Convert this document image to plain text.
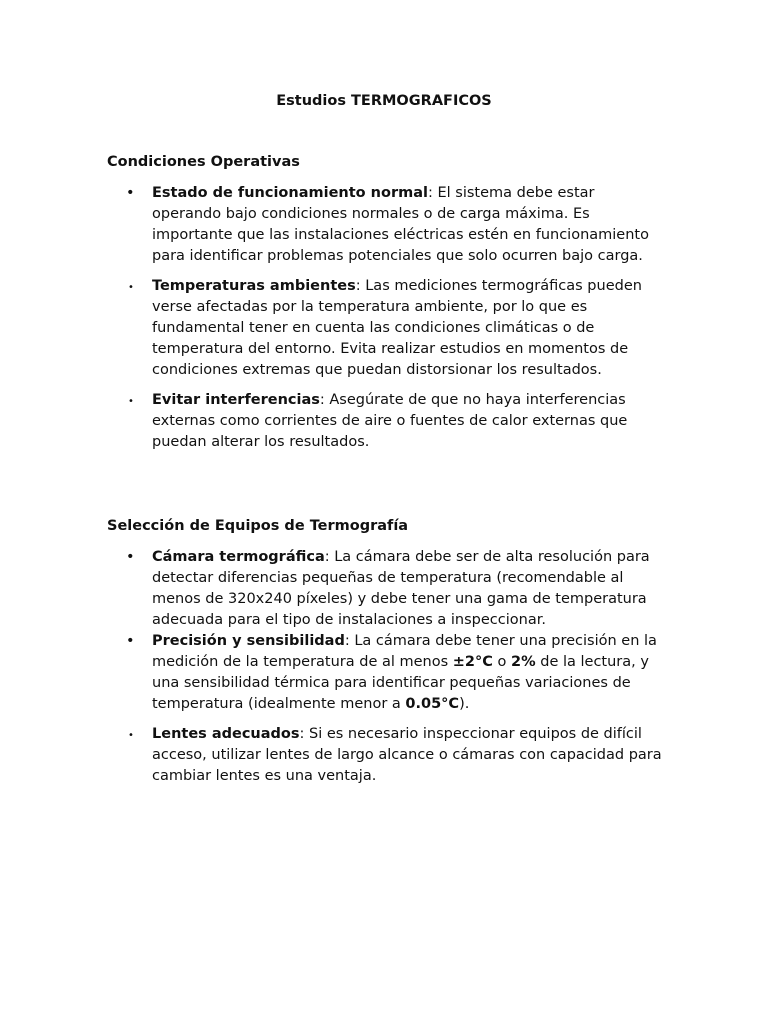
Estudios TERMOGRAFICOS
Condiciones Operativas
• Estado de funcionamiento normal: El sistema debe estar operando bajo condiciones normales o de carga máxima. Es importante que las instalaciones eléctricas estén en funcionamiento para identificar problemas potenciales que solo ocurren bajo carga.
• Temperaturas ambientes: Las mediciones termográficas pueden verse afectadas por la temperatura ambiente, por lo que es fundamental tener en cuenta las condiciones climáticas o de temperatura del entorno. Evita realizar estudios en momentos de condiciones extremas que puedan distorsionar los resultados.
• Evitar interferencias: Asegúrate de que no haya interferencias externas como corrientes de aire o fuentes de calor externas que puedan alterar los resultados.
Selección de Equipos de Termografía
• Cámara termográfica: La cámara debe ser de alta resolución para detectar diferencias pequeñas de temperatura (recomendable al menos de 320x240 píxeles) y debe tener una gama de temperatura adecuada para el tipo de instalaciones a inspeccionar.
• Precisión y sensibilidad: La cámara debe tener una precisión en la medición de la temperatura de al menos ±2°C o 2% de la lectura, y una sensibilidad térmica para identificar pequeñas variaciones de temperatura (idealmente menor a 0.05°C).
• Lentes adecuados: Si es necesario inspeccionar equipos de difícil acceso, utilizar lentes de largo alcance o cámaras con capacidad para cambiar lentes es una ventaja.
